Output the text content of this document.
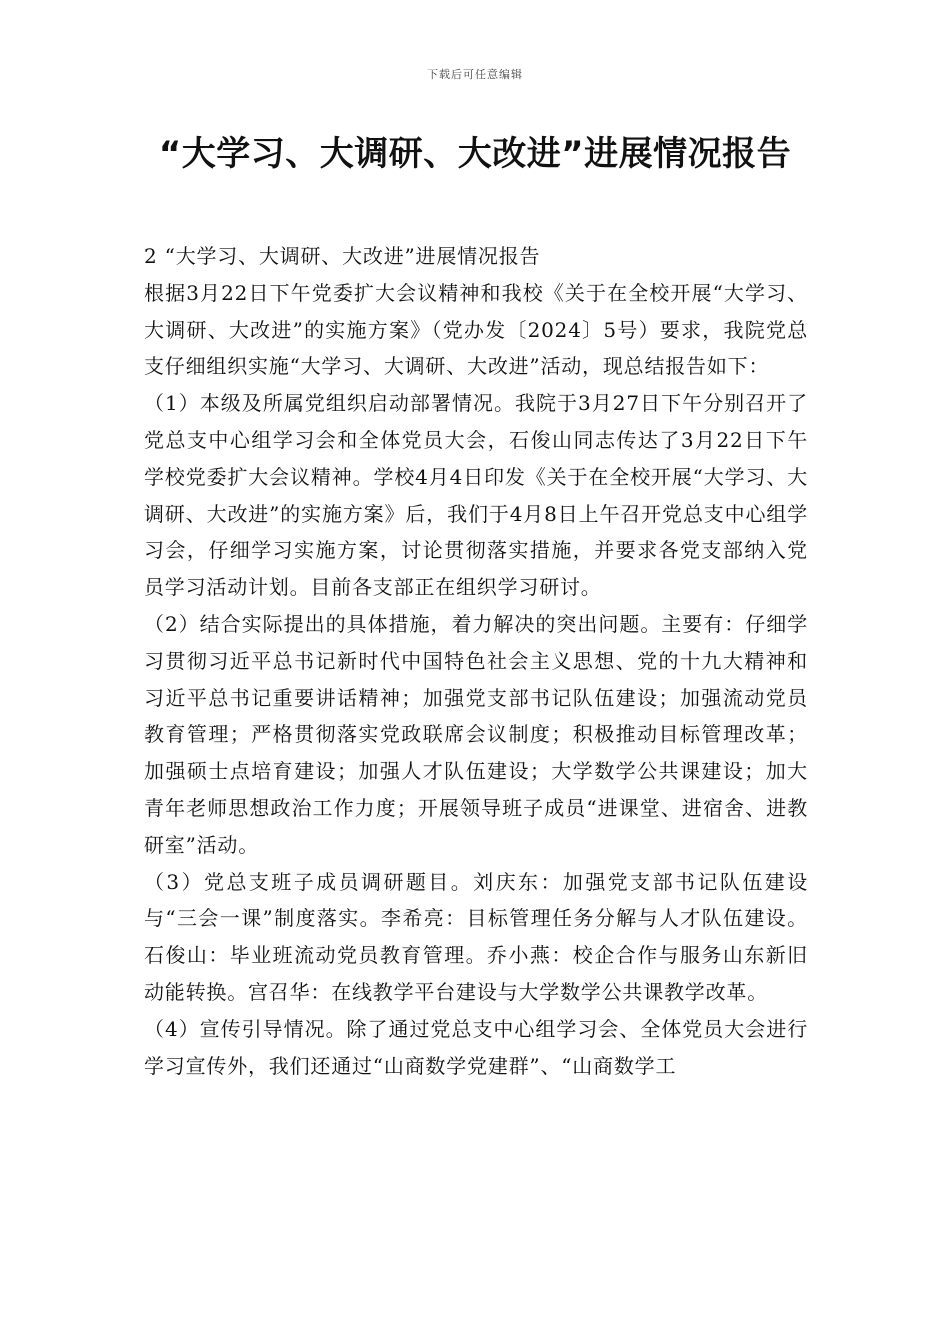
下载后可任意编辑
“大学习、大调研、大改进”进展情况报告

2 “大学习、大调研、大改进”进展情况报告

根据3月22日下午党委扩大会议精神和我校《关于在全校开展“大学习、大调研、大改进”的实施方案》（党办发〔2024〕5号）要求，我院党总支仔细组织实施“大学习、大调研、大改进”活动，现总结报告如下：

（1）本级及所属党组织启动部署情况。我院于3月27日下午分别召开了党总支中心组学习会和全体党员大会，石俊山同志传达了3月22日下午学校党委扩大会议精神。学校4月4日印发《关于在全校开展“大学习、大调研、大改进”的实施方案》后，我们于4月8日上午召开党总支中心组学习会，仔细学习实施方案，讨论贯彻落实措施，并要求各党支部纳入党员学习活动计划。目前各支部正在组织学习研讨。

（2）结合实际提出的具体措施，着力解决的突出问题。主要有：仔细学习贯彻习近平总书记新时代中国特色社会主义思想、党的十九大精神和习近平总书记重要讲话精神；加强党支部书记队伍建设；加强流动党员教育管理；严格贯彻落实党政联席会议制度；积极推动目标管理改革；加强硕士点培育建设；加强人才队伍建设；大学数学公共课建设；加大青年老师思想政治工作力度；开展领导班子成员“进课堂、进宿舍、进教研室”活动。

（3）党总支班子成员调研题目。刘庆东：加强党支部书记队伍建设与“三会一课”制度落实。李希亮：目标管理任务分解与人才队伍建设。石俊山：毕业班流动党员教育管理。乔小燕：校企合作与服务山东新旧动能转换。宫召华：在线教学平台建设与大学数学公共课教学改革。

（4）宣传引导情况。除了通过党总支中心组学习会、全体党员大会进行学习宣传外，我们还通过“山商数学党建群”、“山商数学工
